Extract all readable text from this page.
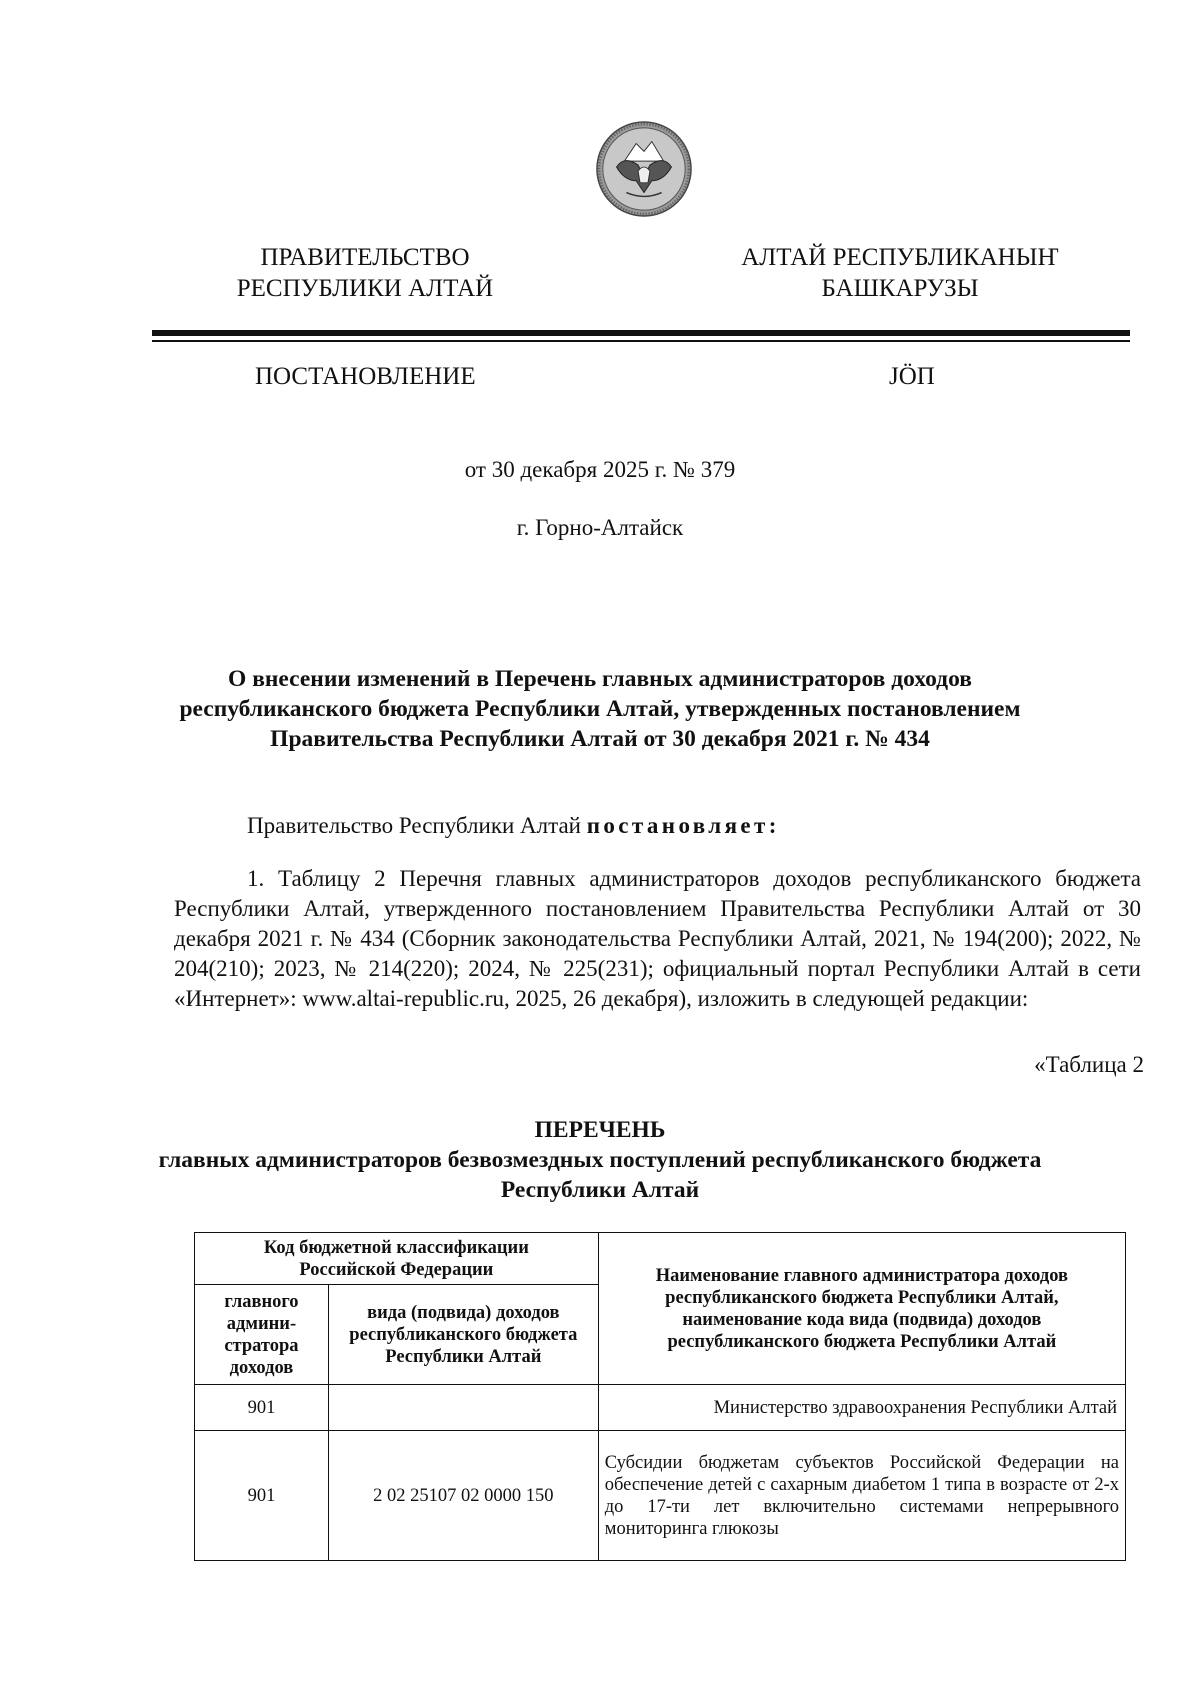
ПРАВИТЕЛЬСТВО
РЕСПУБЛИКИ АЛТАЙ
АЛТАЙ РЕСПУБЛИКАНЫҤ
БАШКАРУЗЫ
ПОСТАНОВЛЕНИЕ	JÖП
от 30 декабря 2025 г. № 379
г. Горно-Алтайск
О внесении изменений в Перечень главных администраторов доходов
республиканского бюджета Республики Алтай, утвержденных постановлением
Правительства Республики Алтай от 30 декабря 2021 г. № 434
Правительство Республики Алтай постановляет:
1. Таблицу 2 Перечня главных администраторов доходов республиканского бюджета Республики Алтай, утвержденного постановлением Правительства Республики Алтай от 30 декабря 2021 г. № 434 (Сборник законодательства Республики Алтай, 2021, № 194(200); 2022, № 204(210); 2023, № 214(220); 2024, № 225(231); официальный портал Республики Алтай в сети «Интернет»: www.altai-republic.ru, 2025, 26 декабря), изложить в следующей редакции:
«Таблица 2
ПЕРЕЧЕНЬ
главных администраторов безвозмездных поступлений республиканского бюджета
Республики Алтай
Код бюджетной классификации Российской Федерации		Наименование главного администратора доходов республиканского бюджета Республики Алтай, наименование кода вида (подвида) доходов республиканского бюджета Республики Алтай
главного админи-стратора доходов	вида (подвида) доходов республиканского бюджета Республики Алтай	
901		Министерство здравоохранения Республики Алтай
901	2 02 25107 02 0000 150	Субсидии бюджетам субъектов Российской Федерации на обеспечение детей с сахарным диабетом 1 типа в возрасте от 2-х до 17-ти лет включительно системами непрерывного мониторинга глюкозы
